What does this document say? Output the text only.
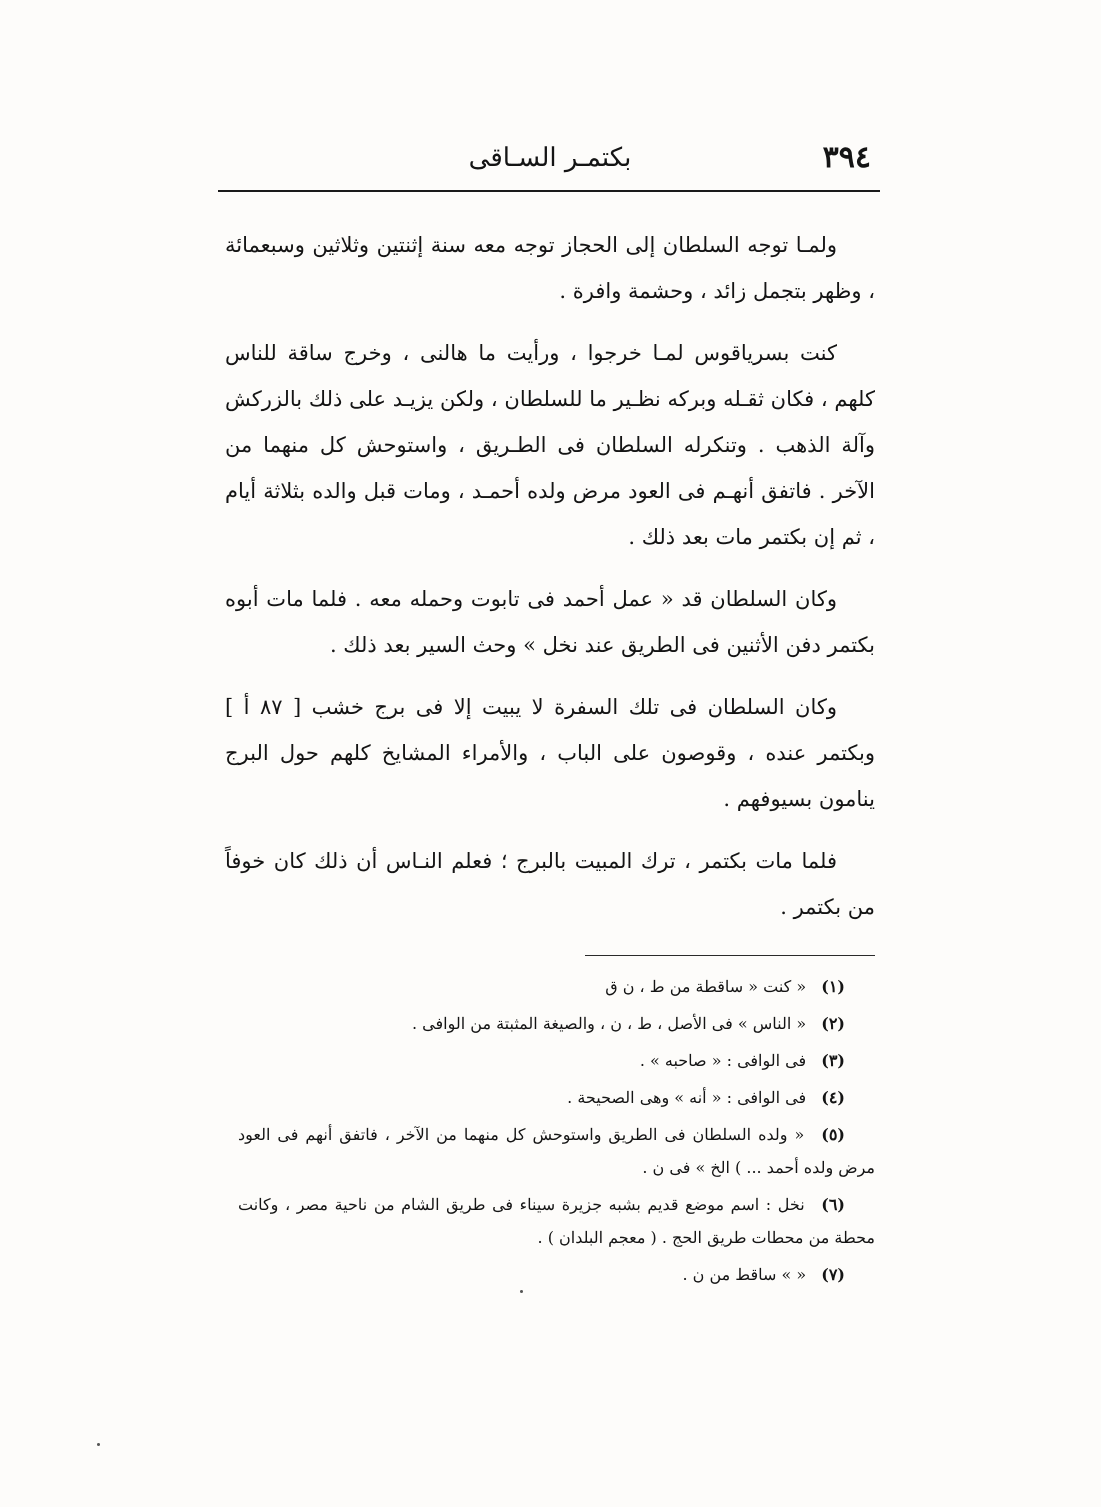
٣٩٤
بكتمـر السـاقى

ولمـا توجه السلطان إلى الحجاز توجه معه سنة إثنتين وثلاثين وسبعمائة ، وظهر بتجمل زائد ، وحشمة وافرة .

كنت بسرياقوس لمـا خرجوا ، ورأيت ما هالنى ، وخرج ساقة للناس كلهم ، فكان ثقـله وبركه نظـير ما للسلطان ، ولكن يزيـد على ذلك بالزركش وآلة الذهب . وتنكرله السلطان فى الطـريق ، واستوحش كل منهما من الآخر . فاتفق أنهـم فى العود مرض ولده أحمـد ، ومات قبل والده بثلاثة أيام ، ثم إن بكتمر مات بعد ذلك .

وكان السلطان قد « عمل أحمد فى تابوت وحمله معه . فلما مات أبوه بكتمر دفن الأثنين فى الطريق عند نخل » وحث السير بعد ذلك .

وكان السلطان فى تلك السفرة لا يبيت إلا فى برج خشب [ ٨٧ أ ] وبكتمر عنده ، وقوصون على الباب ، والأمراء المشايخ كلهم حول البرج ينامون بسيوفهم .

فلما مات بكتمر ، ترك المبيت بالبرج ؛ فعلم النـاس أن ذلك كان خوفاً من بكتمر .

(١) « كنت « ساقطة من ط ، ن ق

(٢) « الناس » فى الأصل ، ط ، ن ، والصيغة المثبتة من الوافى .

(٣) فى الوافى : « صاحبه » .

(٤) فى الوافى : « أنه » وهى الصحيحة .

(٥) « ولده السلطان فى الطريق واستوحش كل منهما من الآخر ، فاتفق أنهم فى العود مرض ولده أحمد ... ) الخ » فى ن .

(٦) نخل : اسم موضع قديم بشبه جزيرة سيناء فى طريق الشام من ناحية مصر ، وكانت محطة من محطات طريق الحج . ( معجم البلدان ) .

(٧) « » ساقط من ن .
